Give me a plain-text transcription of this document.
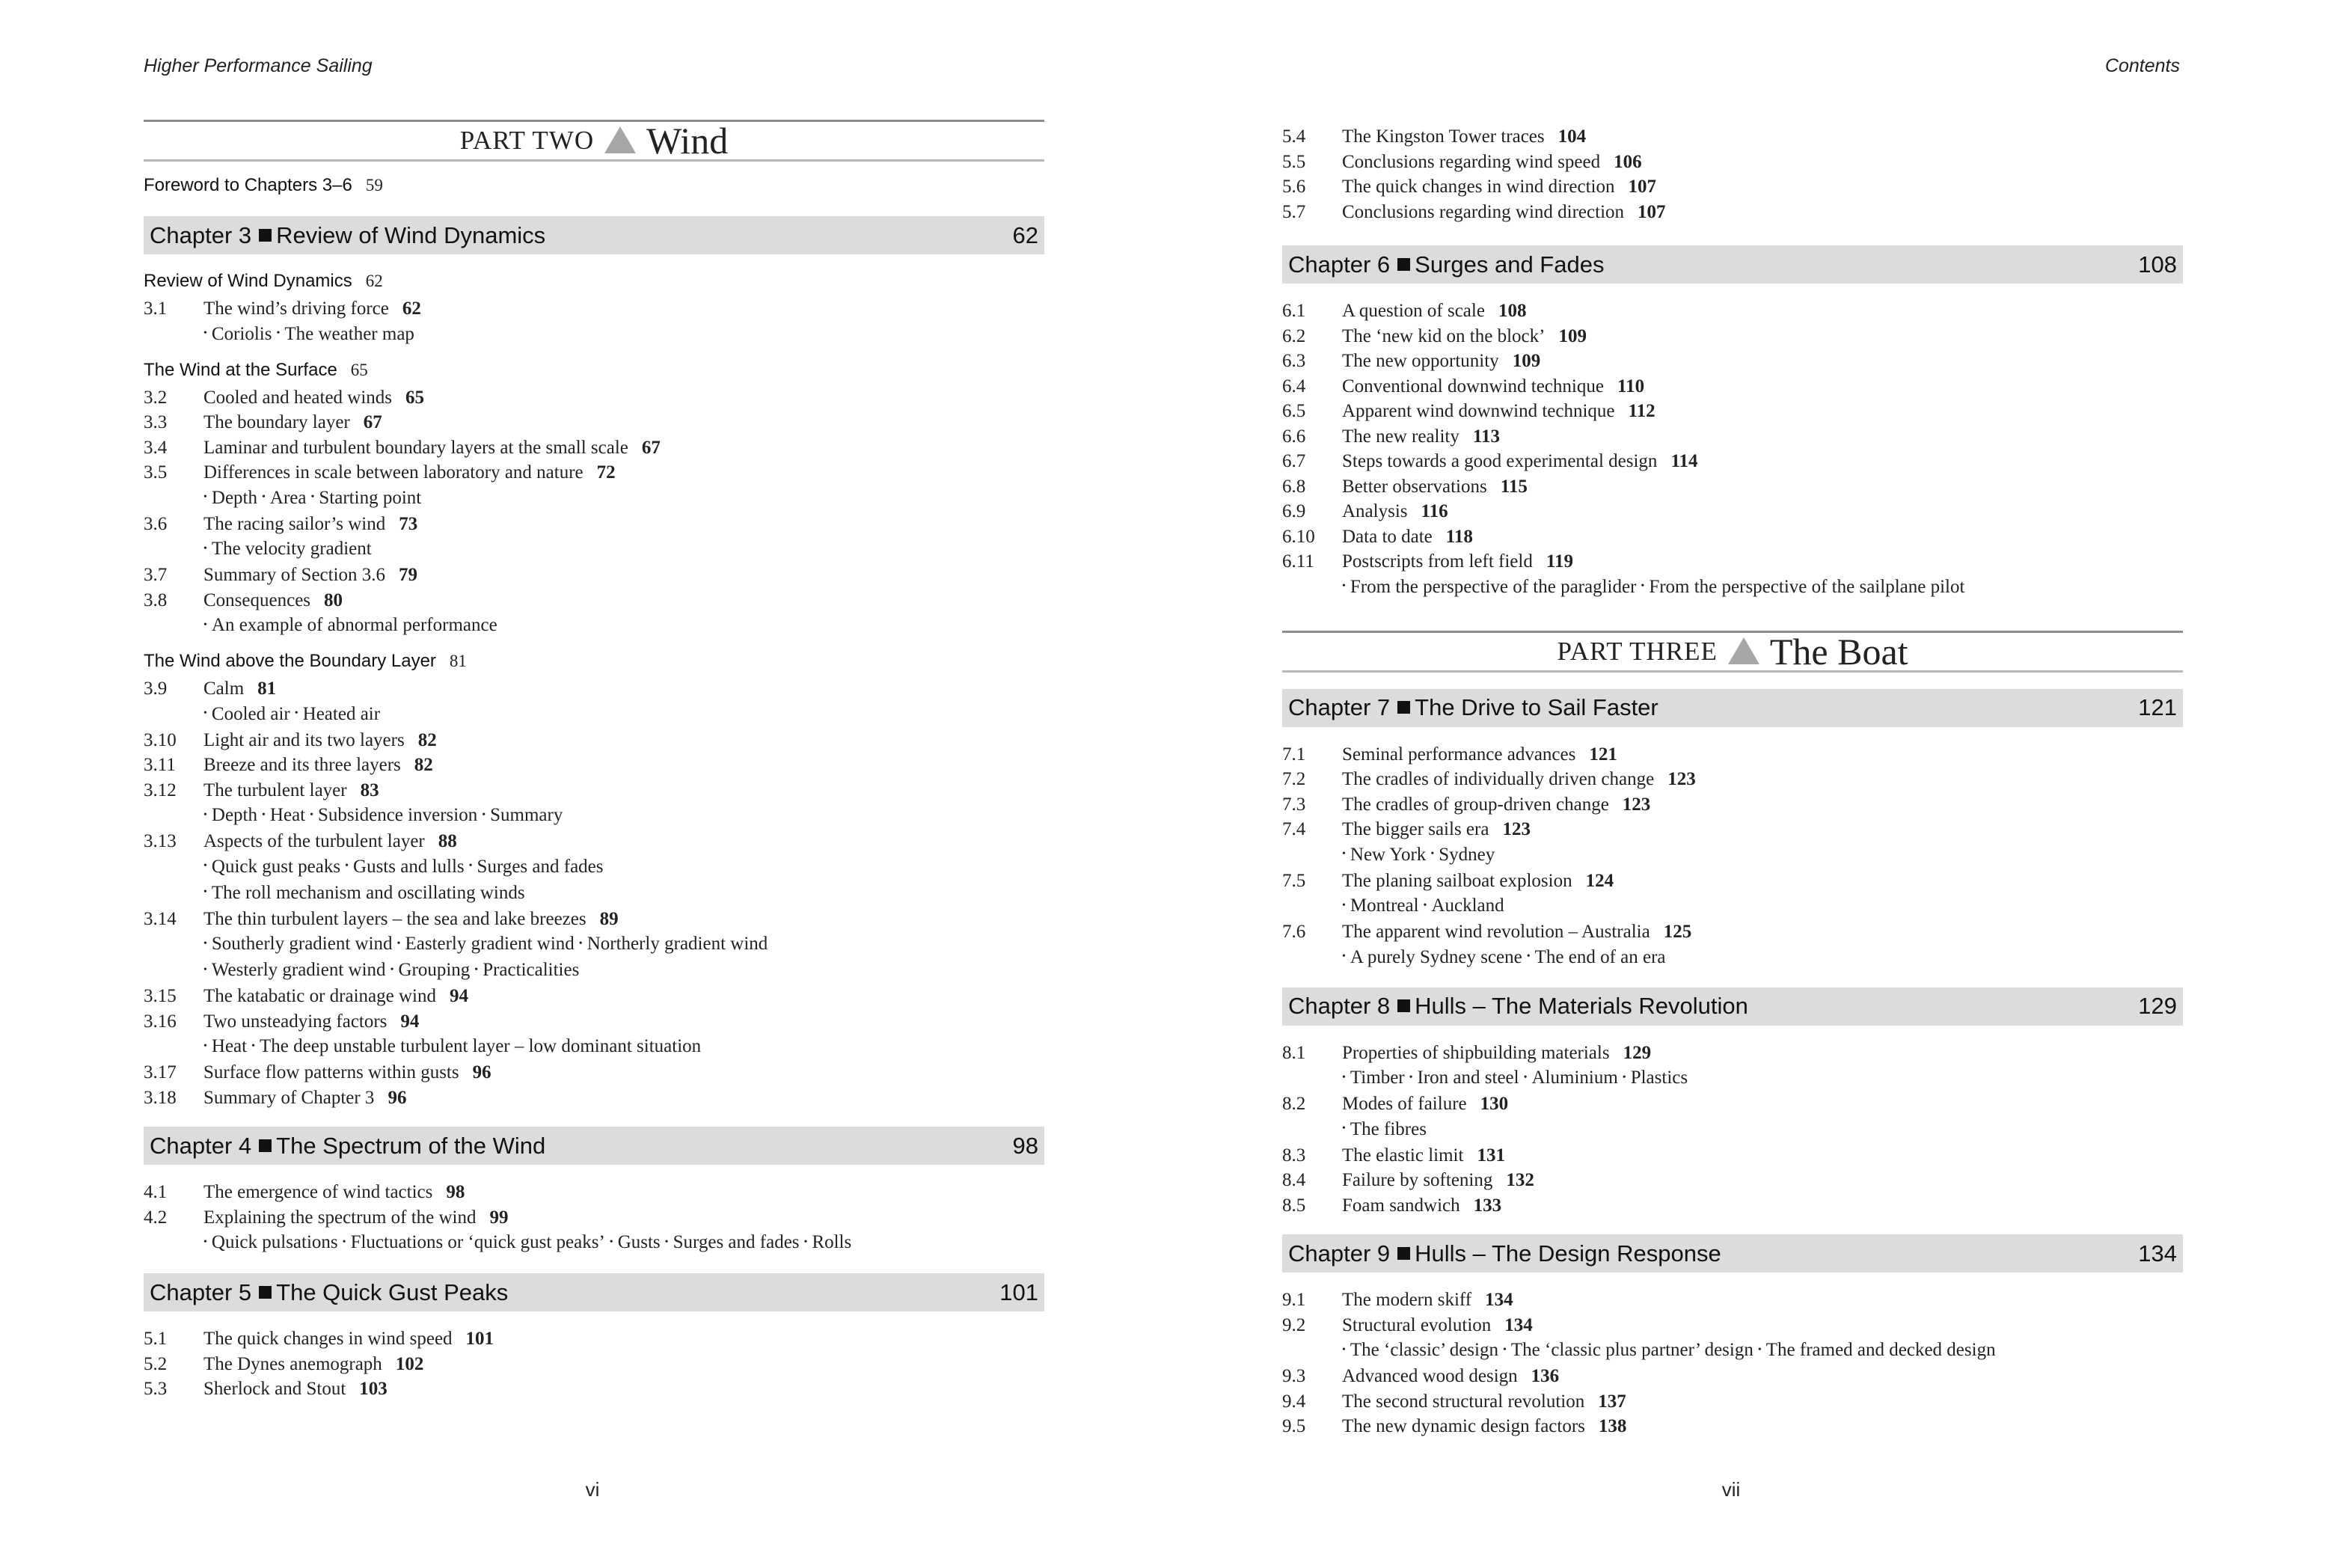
Higher Performance Sailing
PART TWO Wind
Foreword to Chapters 3–6 59
Chapter 3 Review of Wind Dynamics	62
Review of Wind Dynamics 62
3.1	The wind’s driving force 62
• Coriolis • The weather map
The Wind at the Surface 65
3.2	Cooled and heated winds 65
3.3	The boundary layer 67
3.4	Laminar and turbulent boundary layers at the small scale 67
3.5	Differences in scale between laboratory and nature 72
• Depth • Area • Starting point
3.6	The racing sailor’s wind 73
• The velocity gradient
3.7	Summary of Section 3.6 79
3.8	Consequences 80
• An example of abnormal performance
The Wind above the Boundary Layer 81
3.9	Calm 81
• Cooled air • Heated air
3.10	Light air and its two layers 82
3.11	Breeze and its three layers 82
3.12	The turbulent layer 83
• Depth • Heat • Subsidence inversion • Summary
3.13	Aspects of the turbulent layer 88
• Quick gust peaks • Gusts and lulls • Surges and fades
• The roll mechanism and oscillating winds
3.14	The thin turbulent layers – the sea and lake breezes 89
• Southerly gradient wind • Easterly gradient wind • Northerly gradient wind
• Westerly gradient wind • Grouping • Practicalities
3.15	The katabatic or drainage wind 94
3.16	Two unsteadying factors 94
• Heat • The deep unstable turbulent layer – low dominant situation
3.17	Surface flow patterns within gusts 96
3.18	Summary of Chapter 3 96
Chapter 4 The Spectrum of the Wind	98
4.1	The emergence of wind tactics 98
4.2	Explaining the spectrum of the wind 99
• Quick pulsations • Fluctuations or ‘quick gust peaks’ • Gusts • Surges and fades • Rolls
Chapter 5 The Quick Gust Peaks	101
5.1	The quick changes in wind speed 101
5.2	The Dynes anemograph 102
5.3	Sherlock and Stout 103
vi
Contents
5.4	The Kingston Tower traces 104
5.5	Conclusions regarding wind speed 106
5.6	The quick changes in wind direction 107
5.7	Conclusions regarding wind direction 107
Chapter 6 Surges and Fades	108
6.1	A question of scale 108
6.2	The ‘new kid on the block’ 109
6.3	The new opportunity 109
6.4	Conventional downwind technique 110
6.5	Apparent wind downwind technique 112
6.6	The new reality 113
6.7	Steps towards a good experimental design 114
6.8	Better observations 115
6.9	Analysis 116
6.10	Data to date 118
6.11	Postscripts from left field 119
• From the perspective of the paraglider • From the perspective of the sailplane pilot
PART THREE The Boat
Chapter 7 The Drive to Sail Faster	121
7.1	Seminal performance advances 121
7.2	The cradles of individually driven change 123
7.3	The cradles of group-driven change 123
7.4	The bigger sails era 123
• New York • Sydney
7.5	The planing sailboat explosion 124
• Montreal • Auckland
7.6	The apparent wind revolution – Australia 125
• A purely Sydney scene • The end of an era
Chapter 8 Hulls – The Materials Revolution	129
8.1	Properties of shipbuilding materials 129
• Timber • Iron and steel • Aluminium • Plastics
8.2	Modes of failure 130
• The fibres
8.3	The elastic limit 131
8.4	Failure by softening 132
8.5	Foam sandwich 133
Chapter 9 Hulls – The Design Response	134
9.1	The modern skiff 134
9.2	Structural evolution 134
• The ‘classic’ design • The ‘classic plus partner’ design • The framed and decked design
9.3	Advanced wood design 136
9.4	The second structural revolution 137
9.5	The new dynamic design factors 138
vii
